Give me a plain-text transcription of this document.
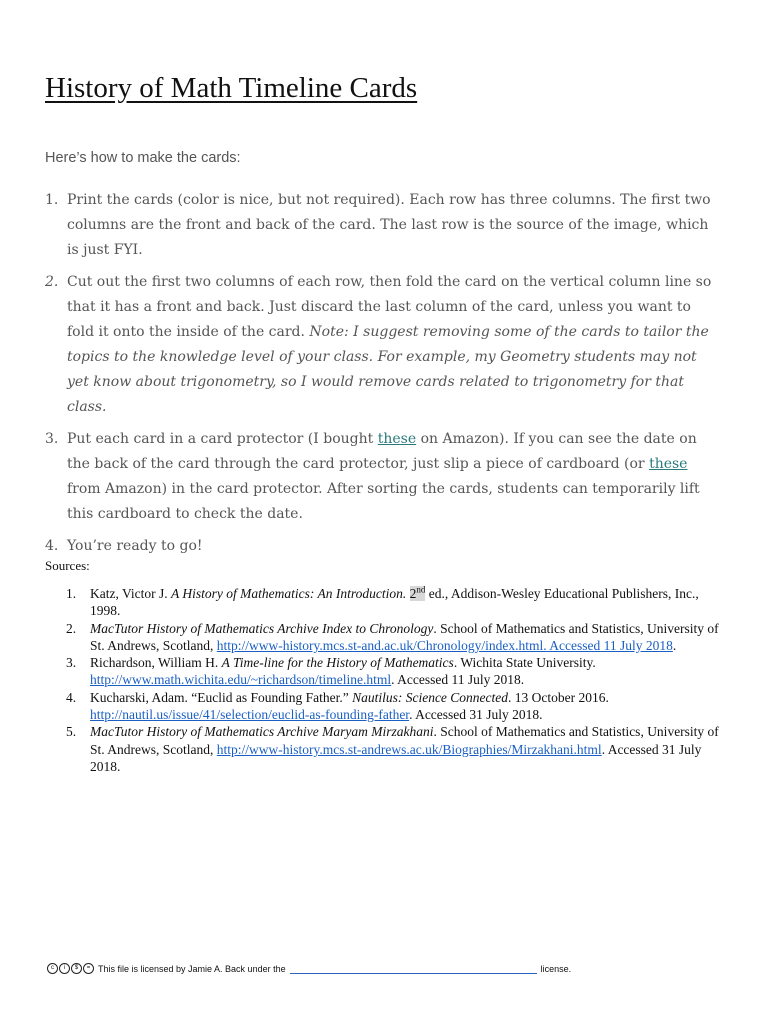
History of Math Timeline Cards
Here’s how to make the cards:
1. Print the cards (color is nice, but not required). Each row has three columns. The first two columns are the front and back of the card. The last row is the source of the image, which is just FYI.
2. Cut out the first two columns of each row, then fold the card on the vertical column line so that it has a front and back. Just discard the last column of the card, unless you want to fold it onto the inside of the card. Note: I suggest removing some of the cards to tailor the topics to the knowledge level of your class. For example, my Geometry students may not yet know about trigonometry, so I would remove cards related to trigonometry for that class.
3. Put each card in a card protector (I bought these on Amazon). If you can see the date on the back of the card through the card protector, just slip a piece of cardboard (or these from Amazon) in the card protector. After sorting the cards, students can temporarily lift this cardboard to check the date.
4. You’re ready to go!
Sources:
1.	Katz, Victor J. A History of Mathematics: An Introduction. 2nd ed., Addison-Wesley Educational Publishers, Inc., 1998.
2.	MacTutor History of Mathematics Archive Index to Chronology. School of Mathematics and Statistics, University of St. Andrews, Scotland, http://www-history.mcs.st-and.ac.uk/Chronology/index.html. Accessed 11 July 2018.
3.	Richardson, William H. A Time-line for the History of Mathematics. Wichita State University. http://www.math.wichita.edu/~richardson/timeline.html. Accessed 11 July 2018.
4.	Kucharski, Adam. “Euclid as Founding Father.” Nautilus: Science Connected. 13 October 2016. http://nautil.us/issue/41/selection/euclid-as-founding-father. Accessed 31 July 2018.
5.	MacTutor History of Mathematics Archive Maryam Mirzakhani. School of Mathematics and Statistics, University of St. Andrews, Scotland, http://www-history.mcs.st-andrews.ac.uk/Biographies/Mirzakhani.html. Accessed 31 July 2018.
c	i	$	= This file is licensed by Jamie A. Back under the	license.
